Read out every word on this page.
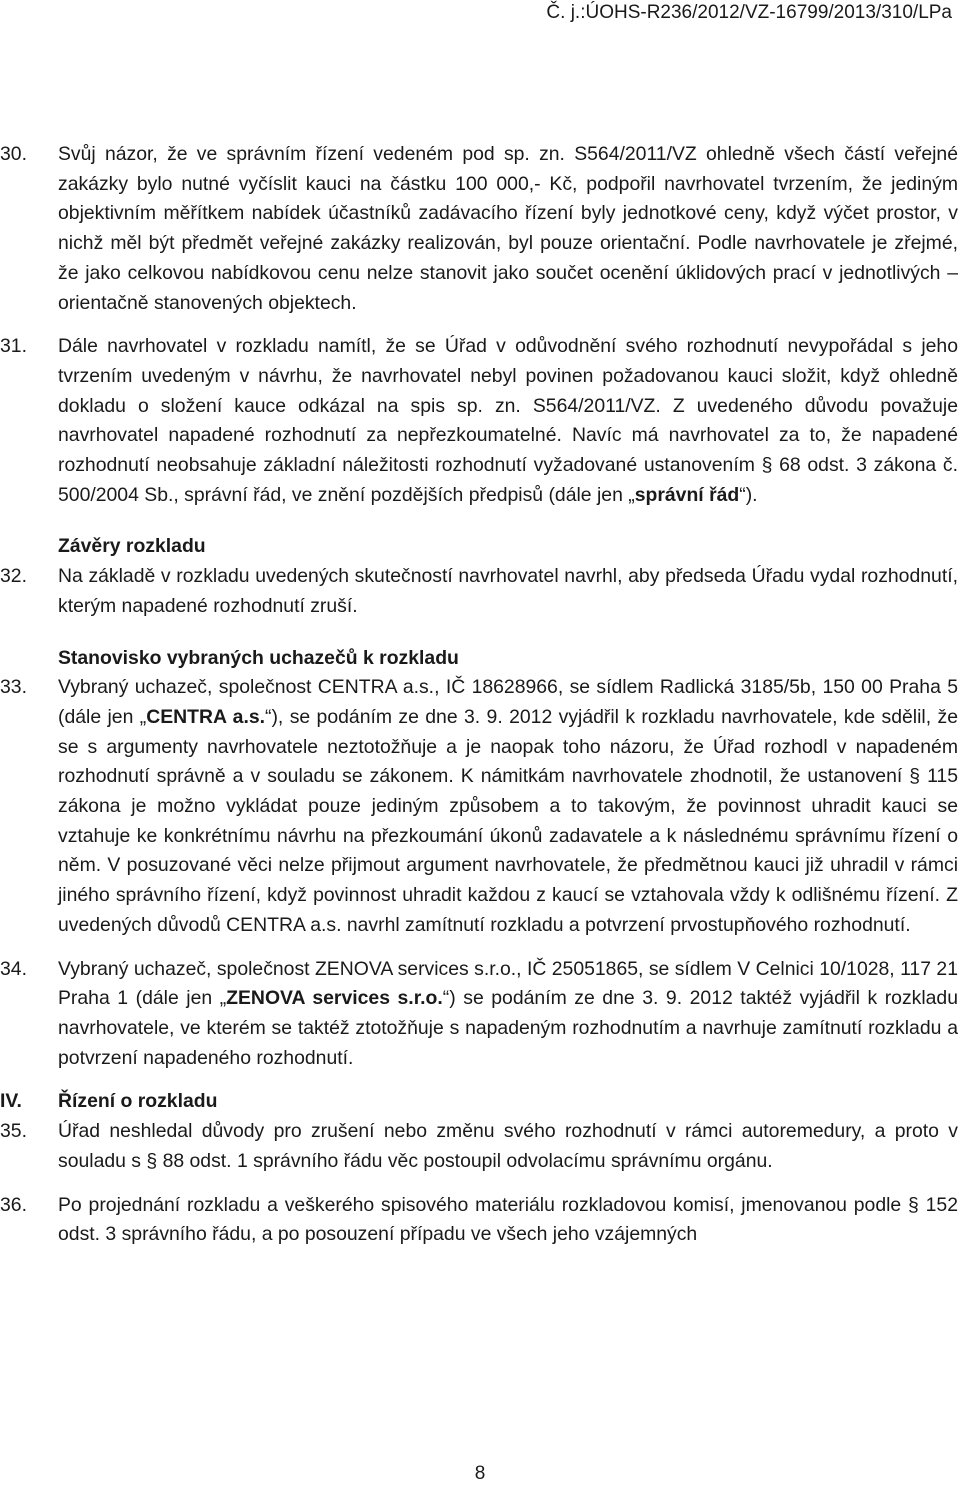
Č. j.:ÚOHS-R236/2012/VZ-16799/2013/310/LPa
30.	Svůj názor, že ve správním řízení vedeném pod sp. zn. S564/2011/VZ ohledně všech částí veřejné zakázky bylo nutné vyčíslit kauci na částku 100 000,- Kč, podpořil navrhovatel tvrzením, že jediným objektivním měřítkem nabídek účastníků zadávacího řízení byly jednotkové ceny, když výčet prostor, v nichž měl být předmět veřejné zakázky realizován, byl pouze orientační. Podle navrhovatele je zřejmé, že jako celkovou nabídkovou cenu nelze stanovit jako součet ocenění úklidových prací v jednotlivých – orientačně stanovených objektech.
31.	Dále navrhovatel v rozkladu namítl, že se Úřad v odůvodnění svého rozhodnutí nevypořádal s jeho tvrzením uvedeným v návrhu, že navrhovatel nebyl povinen požadovanou kauci složit, když ohledně dokladu o složení kauce odkázal na spis sp. zn. S564/2011/VZ. Z uvedeného důvodu považuje navrhovatel napadené rozhodnutí za nepřezkoumatelné. Navíc má navrhovatel za to, že napadené rozhodnutí neobsahuje základní náležitosti rozhodnutí vyžadované ustanovením § 68 odst. 3 zákona č. 500/2004 Sb., správní řád, ve znění pozdějších předpisů (dále jen „správní řád“).
Závěry rozkladu
32.	Na základě v rozkladu uvedených skutečností navrhovatel navrhl, aby předseda Úřadu vydal rozhodnutí, kterým napadené rozhodnutí zruší.
Stanovisko vybraných uchazečů k rozkladu
33.	Vybraný uchazeč, společnost CENTRA a.s., IČ 18628966, se sídlem Radlická 3185/5b, 150 00 Praha 5 (dále jen „CENTRA a.s.“), se podáním ze dne 3. 9. 2012 vyjádřil k rozkladu navrhovatele, kde sdělil, že se s argumenty navrhovatele neztotožňuje a je naopak toho názoru, že Úřad rozhodl v napadeném rozhodnutí správně a v souladu se zákonem. K námitkám navrhovatele zhodnotil, že ustanovení § 115 zákona je možno vykládat pouze jediným způsobem a to takovým, že povinnost uhradit kauci se vztahuje ke konkrétnímu návrhu na přezkoumání úkonů zadavatele a k následnému správnímu řízení o něm. V posuzované věci nelze přijmout argument navrhovatele, že předmětnou kauci již uhradil v rámci jiného správního řízení, když povinnost uhradit každou z kaucí se vztahovala vždy k odlišnému řízení. Z uvedených důvodů CENTRA a.s. navrhl zamítnutí rozkladu a potvrzení prvostupňového rozhodnutí.
34.	Vybraný uchazeč, společnost ZENOVA services s.r.o., IČ 25051865, se sídlem V Celnici 10/1028, 117 21 Praha 1 (dále jen „ZENOVA services s.r.o.“) se podáním ze dne 3. 9. 2012 taktéž vyjádřil k rozkladu navrhovatele, ve kterém se taktéž ztotožňuje s napadeným rozhodnutím a navrhuje zamítnutí rozkladu a potvrzení napadeného rozhodnutí.
IV.	Řízení o rozkladu
35.	Úřad neshledal důvody pro zrušení nebo změnu svého rozhodnutí v rámci autoremedury, a proto v souladu s § 88 odst. 1 správního řádu věc postoupil odvolacímu správnímu orgánu.
36.	Po projednání rozkladu a veškerého spisového materiálu rozkladovou komisí, jmenovanou podle § 152 odst. 3 správního řádu, a po posouzení případu ve všech jeho vzájemných
8
